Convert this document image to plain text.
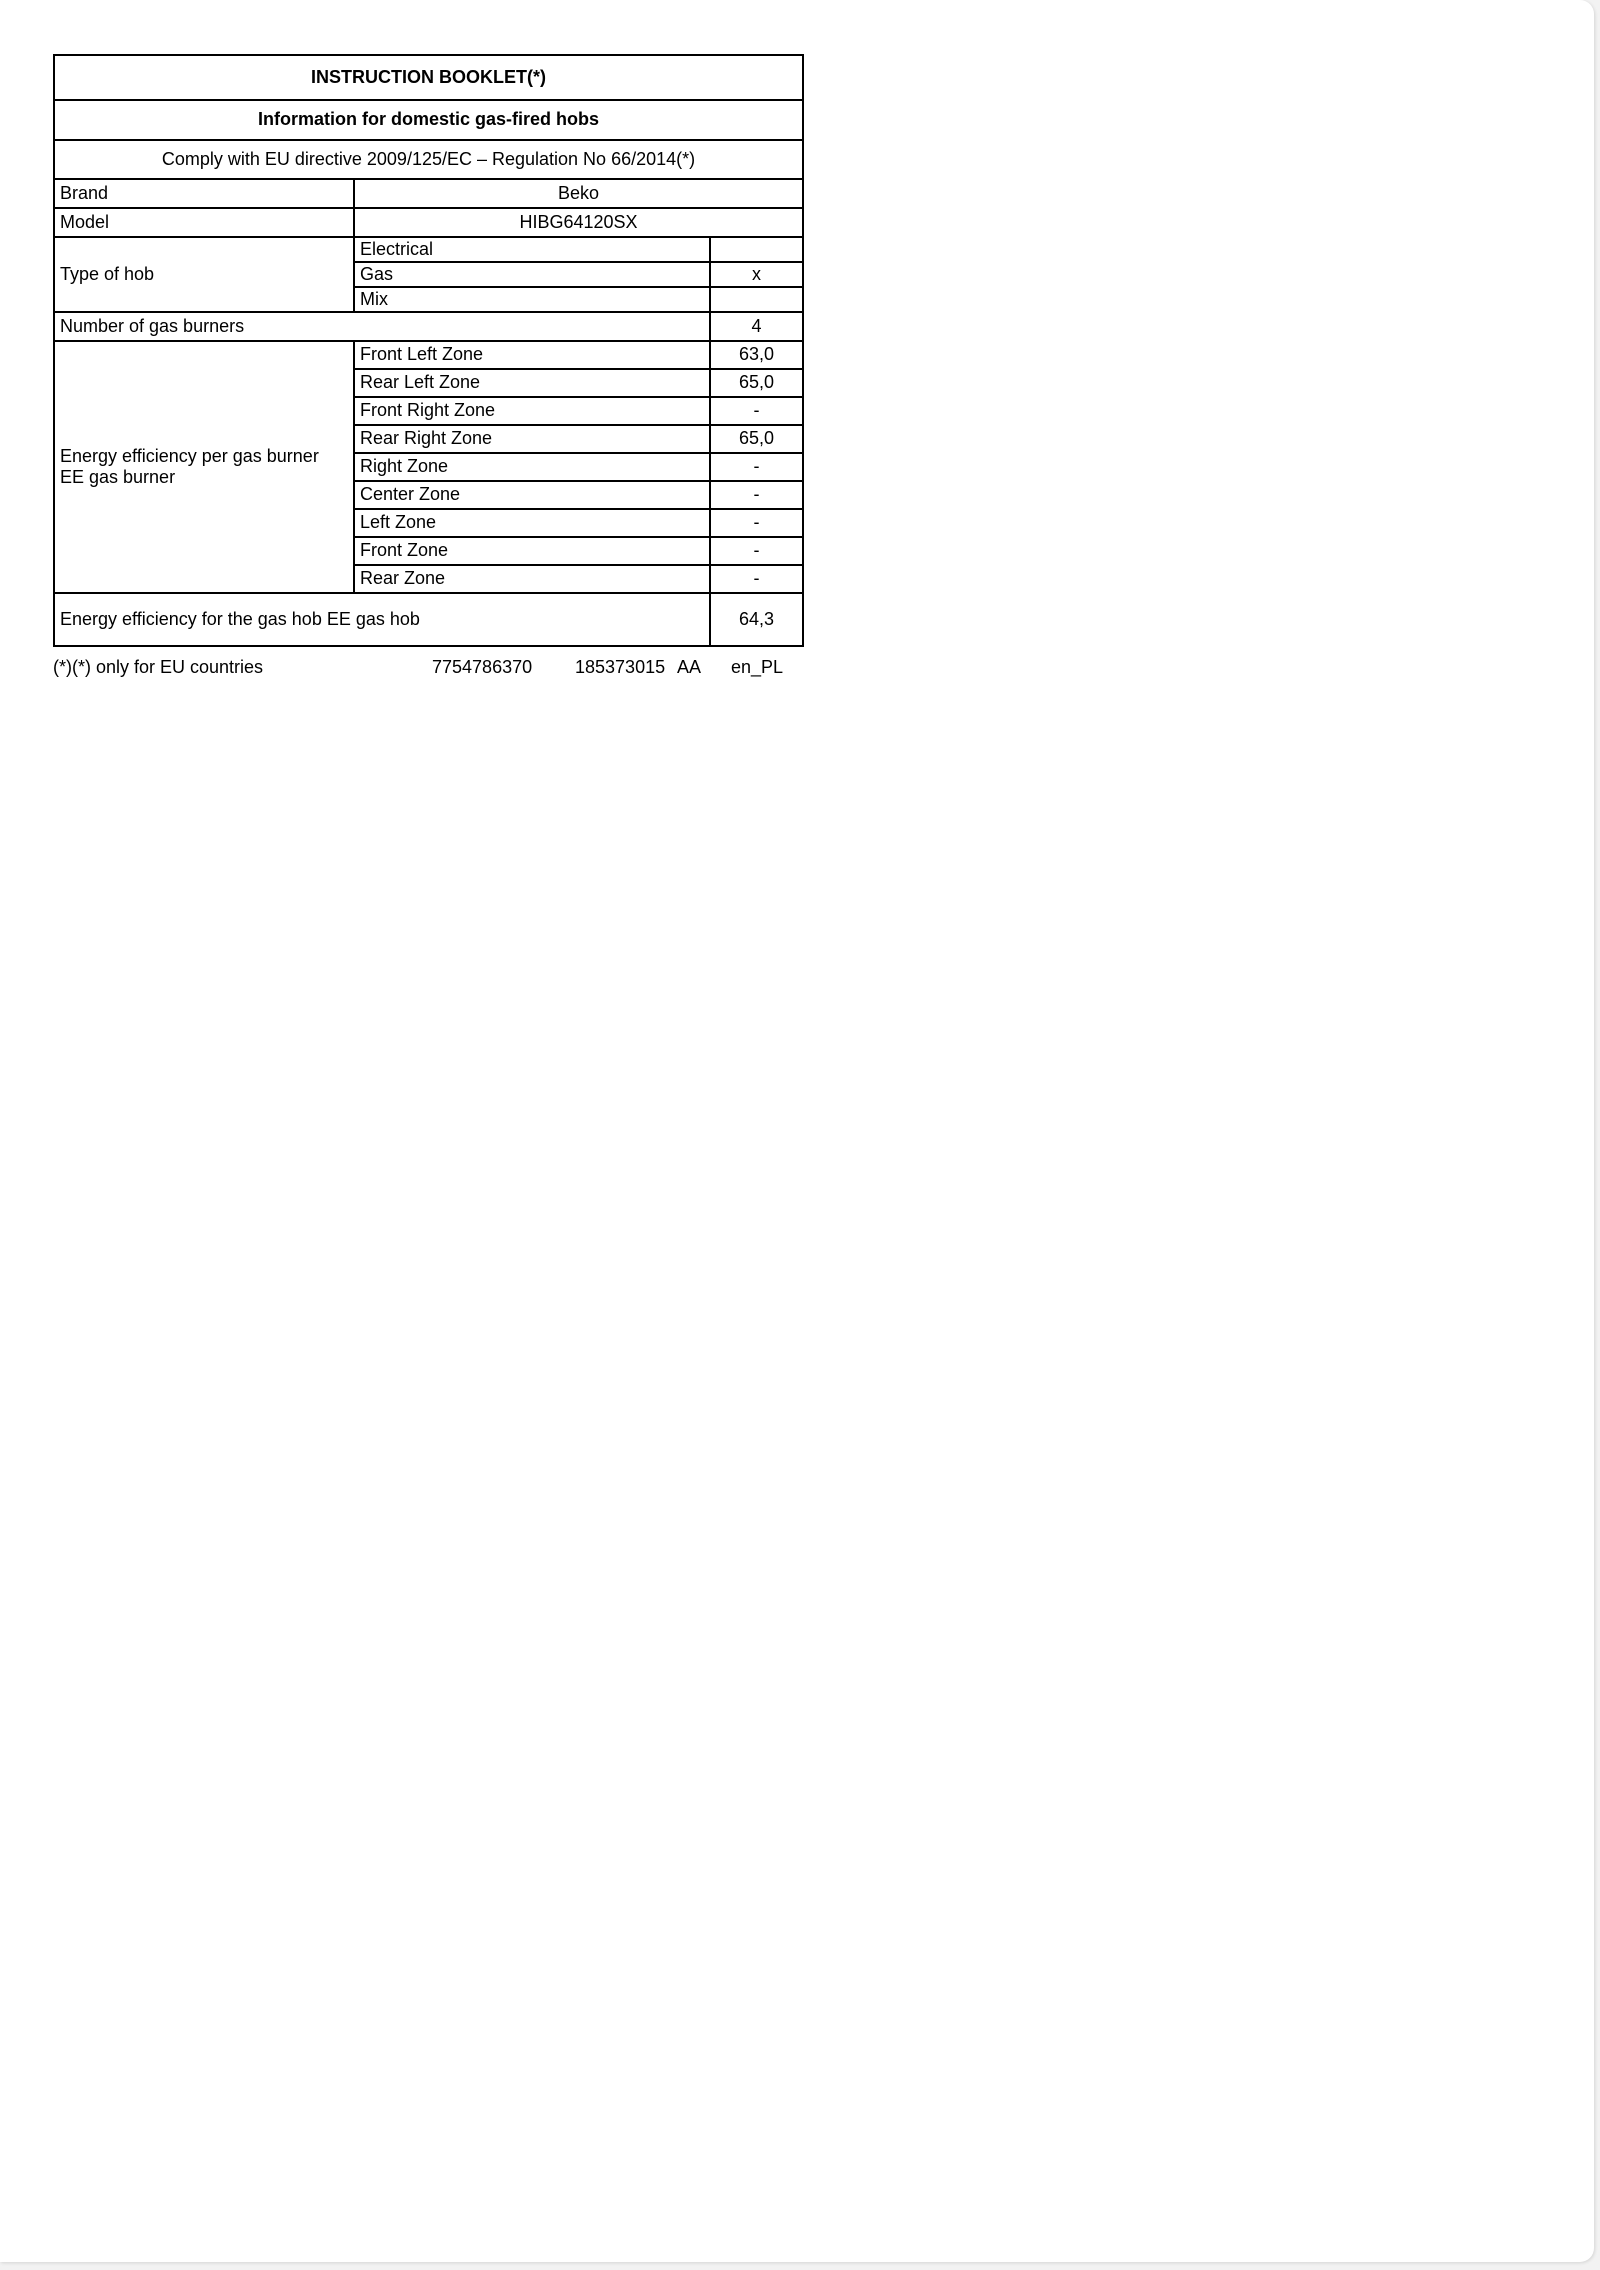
INSTRUCTION BOOKLET(*)		
Information for domestic gas-fired hobs		
Comply with EU directive 2009/125/EC – Regulation No 66/2014(*)		
Brand	Beko	
Model	HIBG64120SX	
Type of hob	Electrical	
	Gas	x
	Mix	
Number of gas burners		4

Energy efficiency per gas burner
EE gas burner	Front Left Zone	63,0
	Rear Left Zone	65,0
	Front Right Zone	-
	Rear Right Zone	65,0
	Right Zone	-
	Center Zone	-
	Left Zone	-
	Front Zone	-
	Rear Zone	-
Energy efficiency for the gas hob EE gas hob		64,3
(*)(*) only for EU countries	7754786370 185373015 AA en_PL
